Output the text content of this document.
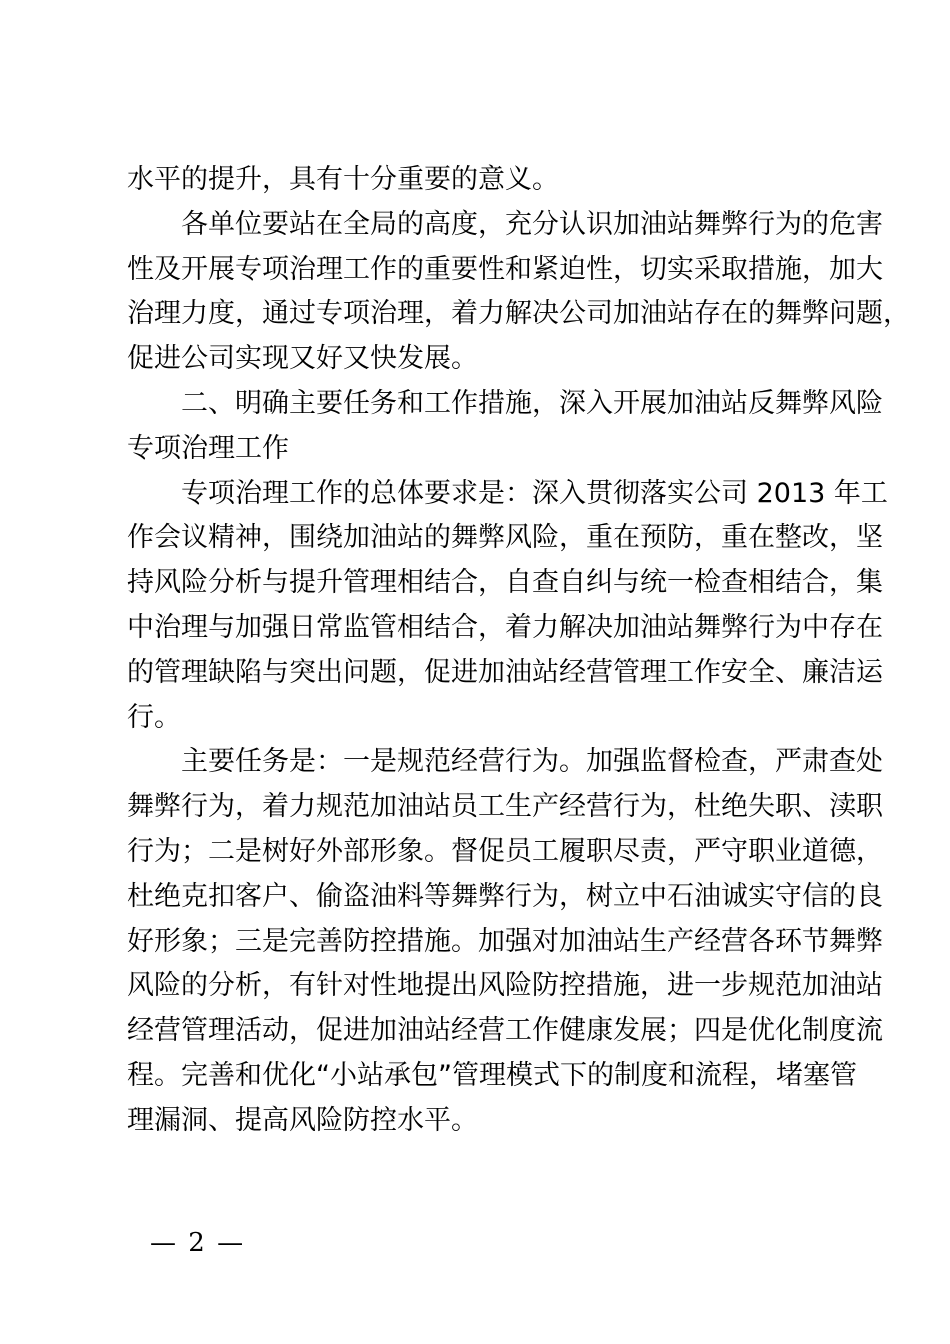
水平的提升，具有十分重要的意义。
各单位要站在全局的高度，充分认识加油站舞弊行为的危害
性及开展专项治理工作的重要性和紧迫性，切实采取措施，加大
治理力度，通过专项治理，着力解决公司加油站存在的舞弊问题，
促进公司实现又好又快发展。
二、明确主要任务和工作措施，深入开展加油站反舞弊风险
专项治理工作
专项治理工作的总体要求是：深入贯彻落实公司 2013 年工
作会议精神，围绕加油站的舞弊风险，重在预防，重在整改，坚
持风险分析与提升管理相结合，自查自纠与统一检查相结合，集
中治理与加强日常监管相结合，着力解决加油站舞弊行为中存在
的管理缺陷与突出问题，促进加油站经营管理工作安全、廉洁运
行。
主要任务是：一是规范经营行为。加强监督检查，严肃查处
舞弊行为，着力规范加油站员工生产经营行为，杜绝失职、渎职
行为；二是树好外部形象。督促员工履职尽责，严守职业道德，
杜绝克扣客户、偷盗油料等舞弊行为，树立中石油诚实守信的良
好形象；三是完善防控措施。加强对加油站生产经营各环节舞弊
风险的分析，有针对性地提出风险防控措施，进一步规范加油站
经营管理活动，促进加油站经营工作健康发展；四是优化制度流
程。完善和优化“小站承包”管理模式下的制度和流程，堵塞管
理漏洞、提高风险防控水平。
— 2 —
